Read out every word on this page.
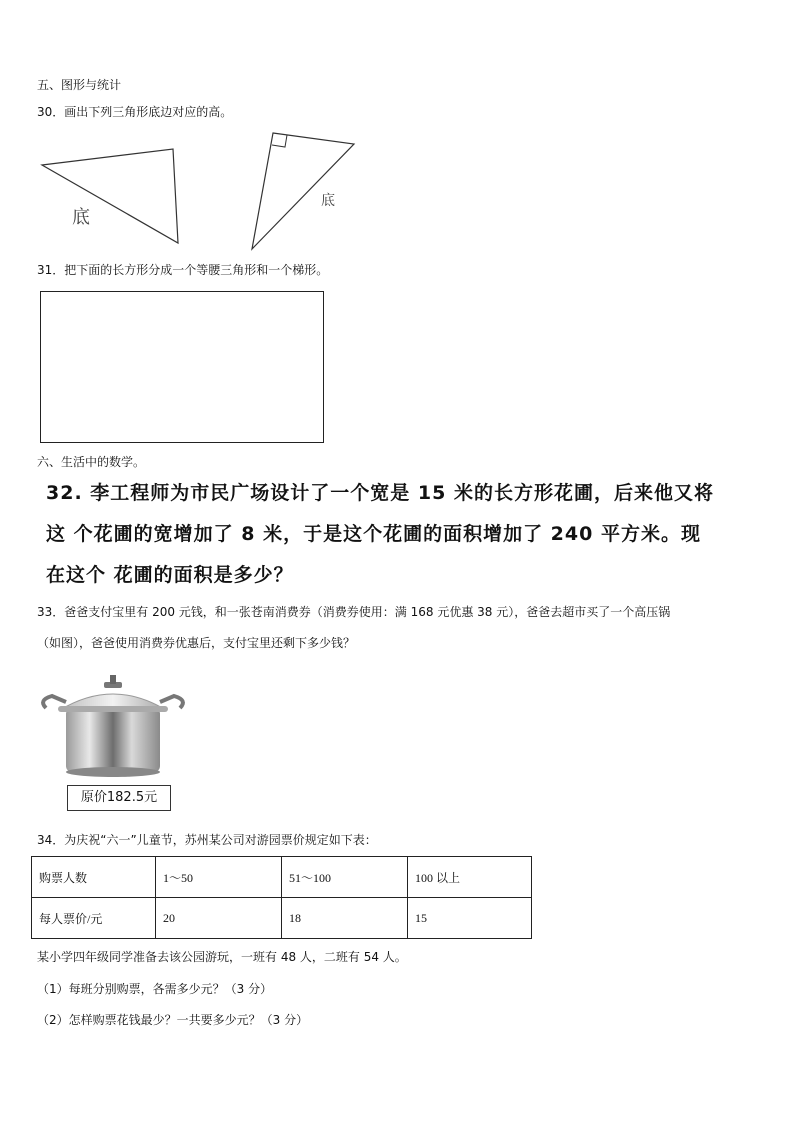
五、图形与统计
30．画出下列三角形底边对应的高。
底
底
31．把下面的长方形分成一个等腰三角形和一个梯形。
六、生活中的数学。
32. 李工程师为市民广场设计了一个宽是 15 米的长方形花圃，后来他又将
这 个花圃的宽增加了 8 米，于是这个花圃的面积增加了 240 平方米。现
在这个 花圃的面积是多少？
33．爸爸支付宝里有 200 元钱，和一张苍南消费券（消费券使用：满 168 元优惠 38 元），爸爸去超市买了一个高压锅
（如图），爸爸使用消费券优惠后，支付宝里还剩下多少钱？
原价182.5元
34．为庆祝“六一”儿童节，苏州某公司对游园票价规定如下表：
购票人数	1～50	51～100	100 以上
每人票价/元	20	18	15
某小学四年级同学准备去该公园游玩，一班有 48 人，二班有 54 人。
（1）每班分别购票，各需多少元？（3 分）
（2）怎样购票花钱最少？一共要多少元？（3 分）
